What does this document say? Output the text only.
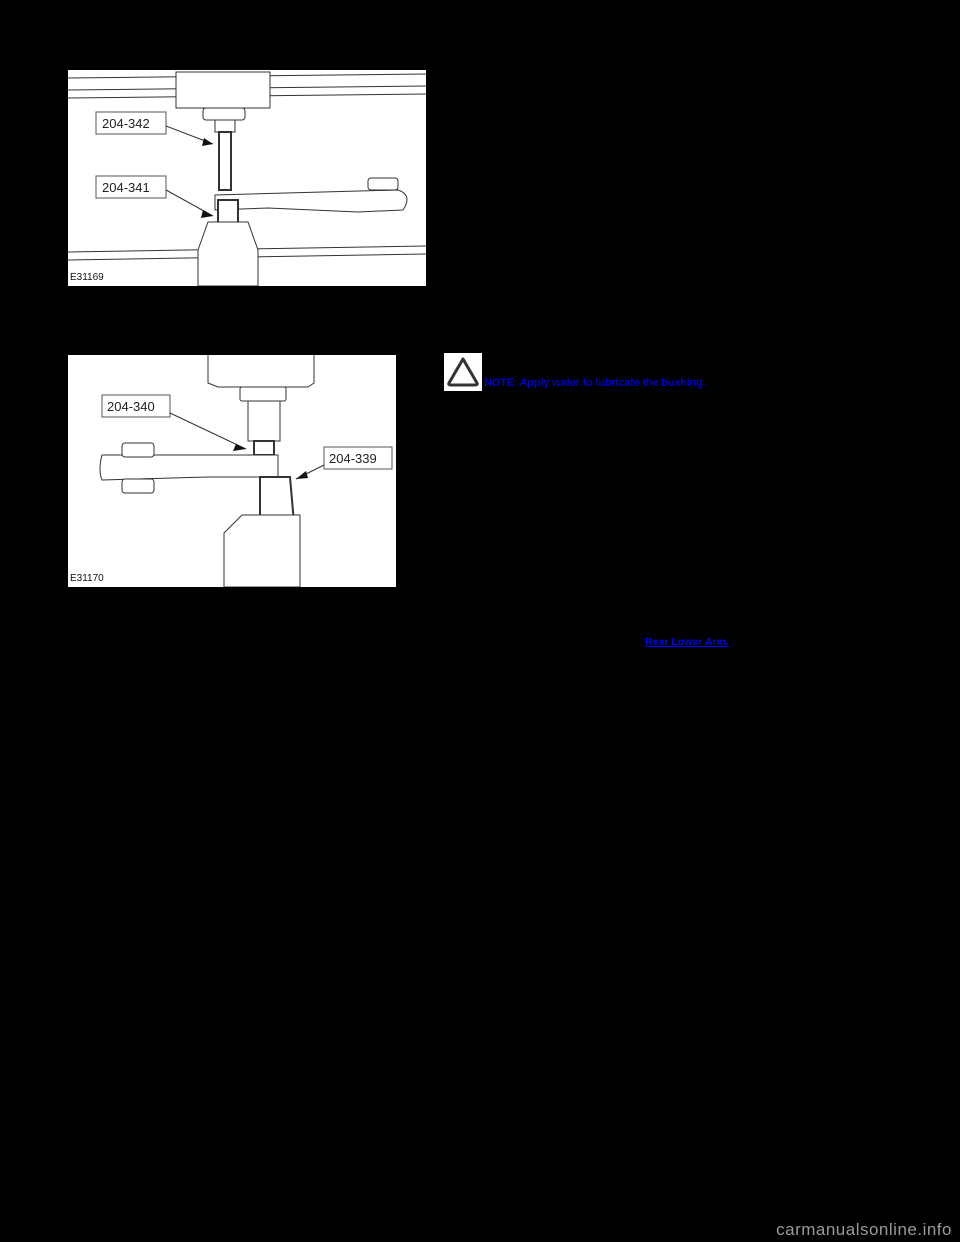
204-342
204-341
E31169
204-340
204-339
E31170
NOTE: Apply water to lubricate the bushing.
Rear Lower Arm.
carmanualsonline.info
